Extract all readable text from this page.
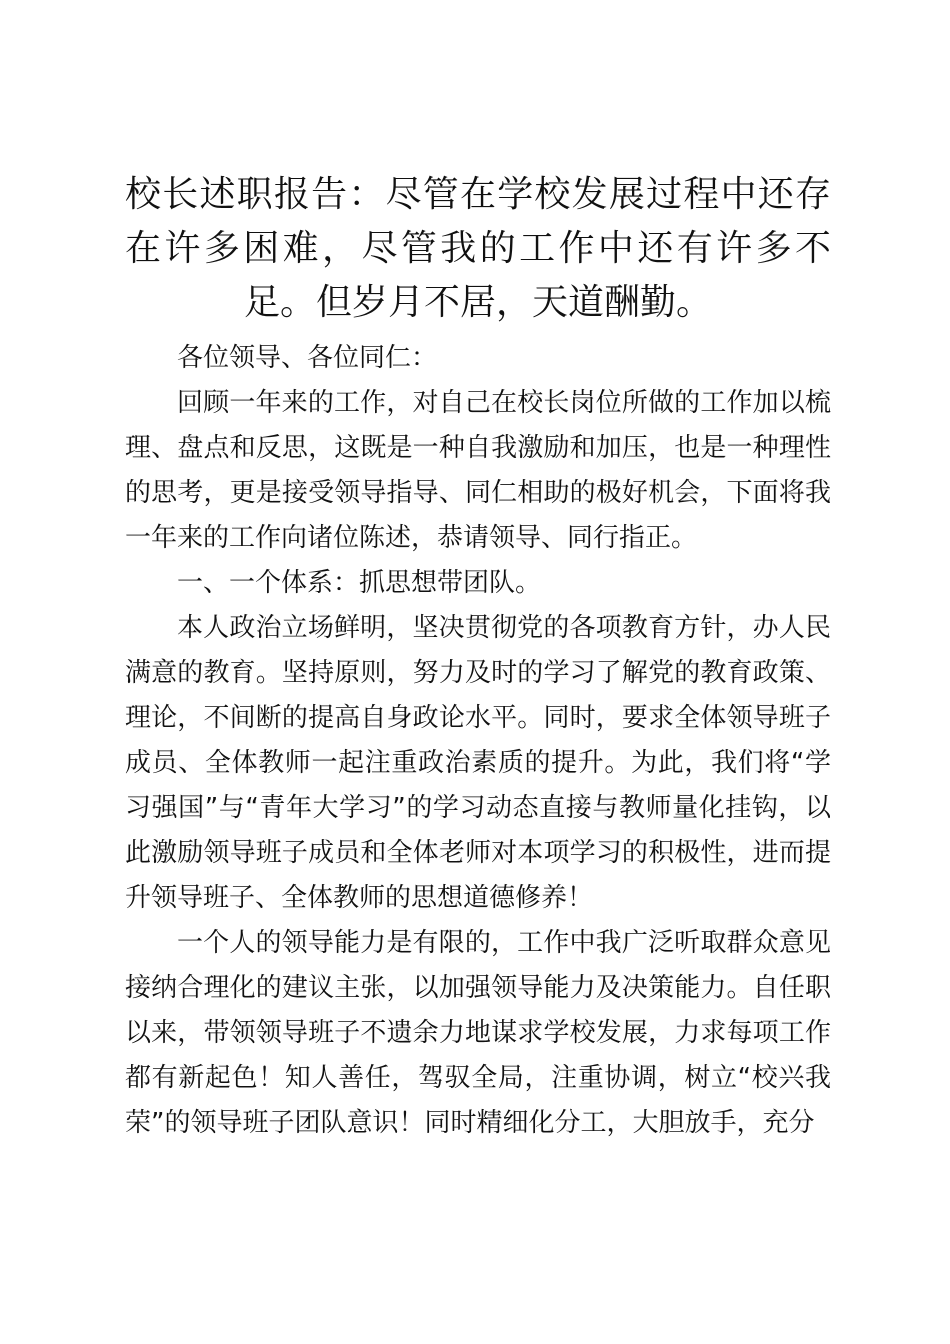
校长述职报告：尽管在学校发展过程中还存在许多困难，尽管我的工作中还有许多不足。但岁月不居，天道酬勤。

各位领导、各位同仁：

回顾一年来的工作，对自己在校长岗位所做的工作加以梳理、盘点和反思，这既是一种自我激励和加压，也是一种理性的思考，更是接受领导指导、同仁相助的极好机会，下面将我一年来的工作向诸位陈述，恭请领导、同行指正。

一、一个体系：抓思想带团队。

本人政治立场鲜明，坚决贯彻党的各项教育方针，办人民满意的教育。坚持原则，努力及时的学习了解党的教育政策、理论，不间断的提高自身政论水平。同时，要求全体领导班子成员、全体教师一起注重政治素质的提升。为此，我们将“学习强国”与“青年大学习”的学习动态直接与教师量化挂钩，以此激励领导班子成员和全体老师对本项学习的积极性，进而提升领导班子、全体教师的思想道德修养！

一个人的领导能力是有限的，工作中我广泛听取群众意见接纳合理化的建议主张，以加强领导能力及决策能力。自任职以来，带领领导班子不遗余力地谋求学校发展，力求每项工作都有新起色！知人善任，驾驭全局，注重协调，树立“校兴我荣”的领导班子团队意识！同时精细化分工，大胆放手，充分
